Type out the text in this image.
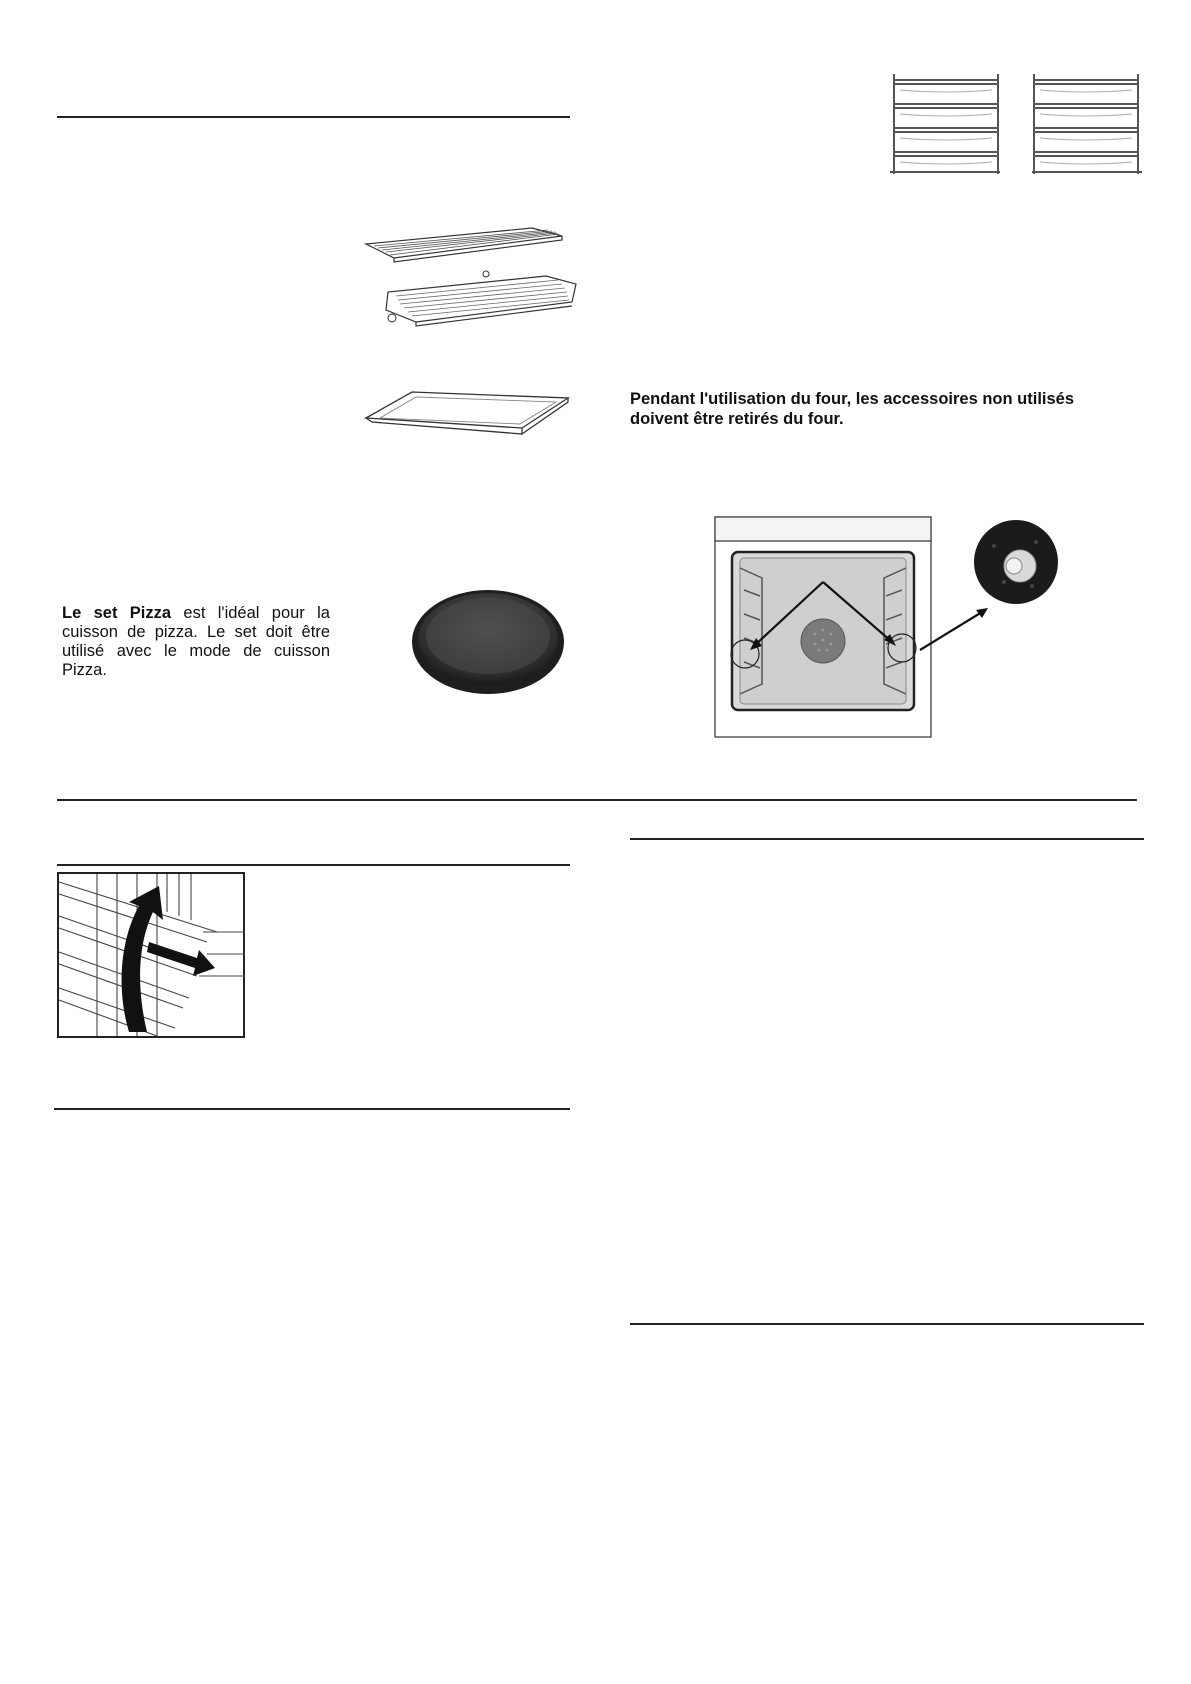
Le set Pizza est l'idéal pour la cuisson de pizza. Le set doit être utilisé avec le mode de cuisson Pizza.
Pendant l'utilisation du four, les accessoires non utilisés doivent être retirés du four.
